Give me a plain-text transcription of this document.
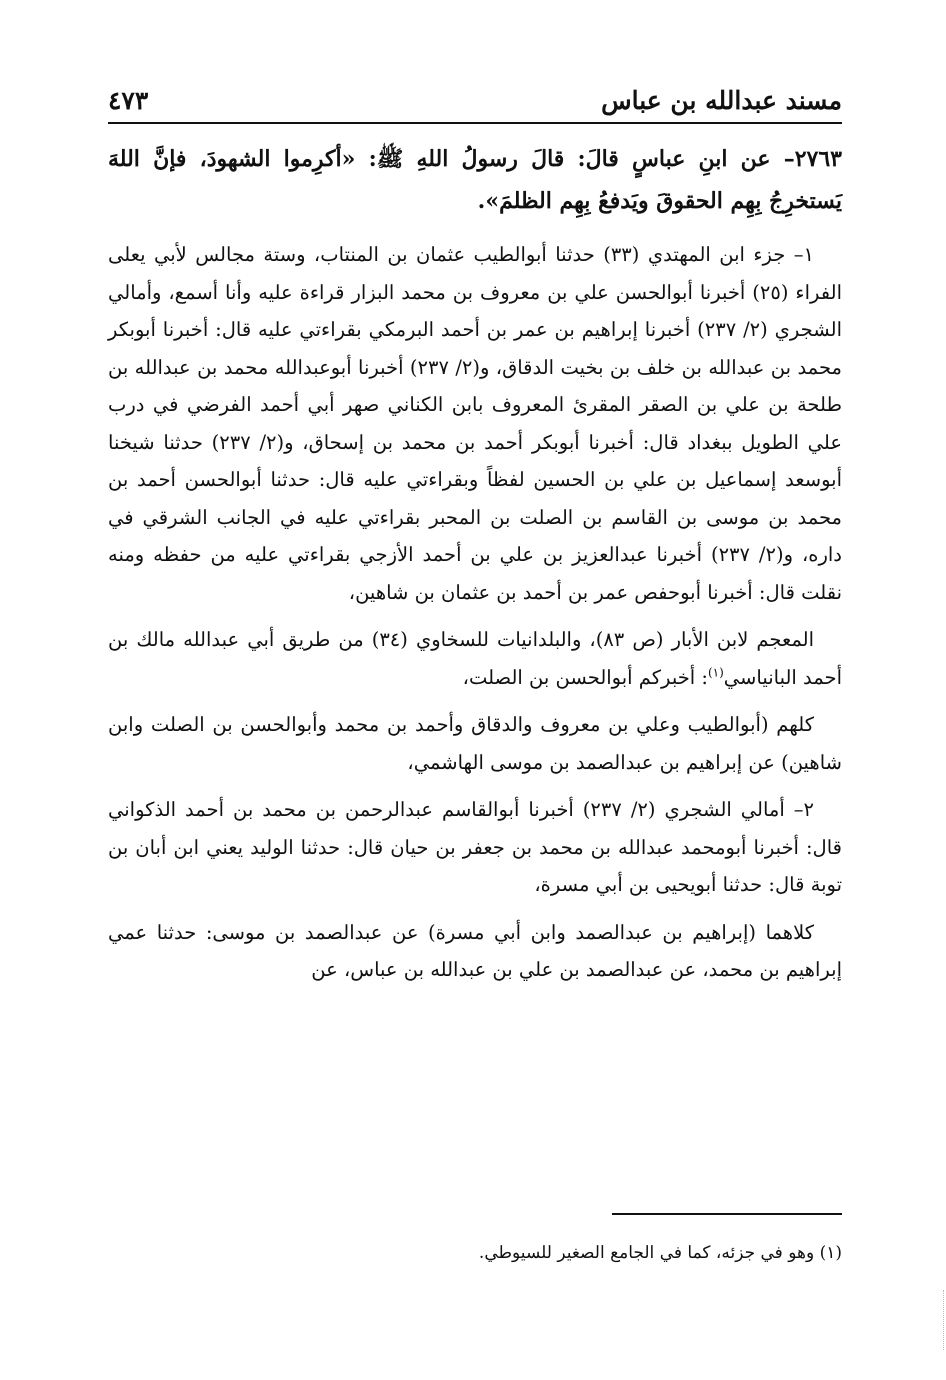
مسند عبدالله بن عباس
٤٧٣

٢٧٦٣– عن ابنِ عباسٍ قالَ: قالَ رسولُ اللهِ ﷺ: «أكرِموا الشهودَ، فإنَّ اللهَ يَستخرِجُ بِهِم الحقوقَ ويَدفعُ بِهِم الظلمَ».

١– جزء ابن المهتدي (٣٣) حدثنا أبوالطيب عثمان بن المنتاب، وستة مجالس لأبي يعلى الفراء (٢٥) أخبرنا أبوالحسن علي بن معروف بن محمد البزار قراءة عليه وأنا أسمع، وأمالي الشجري (٢/ ٢٣٧) أخبرنا إبراهيم بن عمر بن أحمد البرمكي بقراءتي عليه قال: أخبرنا أبوبكر محمد بن عبدالله بن خلف بن بخيت الدقاق، و(٢/ ٢٣٧) أخبرنا أبوعبدالله محمد بن عبدالله بن طلحة بن علي بن الصقر المقرئ المعروف بابن الكناني صهر أبي أحمد الفرضي في درب علي الطويل ببغداد قال: أخبرنا أبوبكر أحمد بن محمد بن إسحاق، و(٢/ ٢٣٧) حدثنا شيخنا أبوسعد إسماعيل بن علي بن الحسين لفظاً وبقراءتي عليه قال: حدثنا أبوالحسن أحمد بن محمد بن موسى بن القاسم بن الصلت بن المحبر بقراءتي عليه في الجانب الشرقي في داره، و(٢/ ٢٣٧) أخبرنا عبدالعزيز بن علي بن أحمد الأزجي بقراءتي عليه من حفظه ومنه نقلت قال: أخبرنا أبوحفص عمر بن أحمد بن عثمان بن شاهين،

المعجم لابن الأبار (ص ٨٣)، والبلدانيات للسخاوي (٣٤) من طريق أبي عبدالله مالك بن أحمد البانياسي$^{(١)}$: أخبركم أبوالحسن بن الصلت،

كلهم (أبوالطيب وعلي بن معروف والدقاق وأحمد بن محمد وأبوالحسن بن الصلت وابن شاهين) عن إبراهيم بن عبدالصمد بن موسى الهاشمي،

٢– أمالي الشجري (٢/ ٢٣٧) أخبرنا أبوالقاسم عبدالرحمن بن محمد بن أحمد الذكواني قال: أخبرنا أبومحمد عبدالله بن محمد بن جعفر بن حيان قال: حدثنا الوليد يعني ابن أبان بن توبة قال: حدثنا أبويحيى بن أبي مسرة،

كلاهما (إبراهيم بن عبدالصمد وابن أبي مسرة) عن عبدالصمد بن موسى: حدثنا عمي إبراهيم بن محمد، عن عبدالصمد بن علي بن عبدالله بن عباس، عن

(١) وهو في جزئه، كما في الجامع الصغير للسيوطي.
